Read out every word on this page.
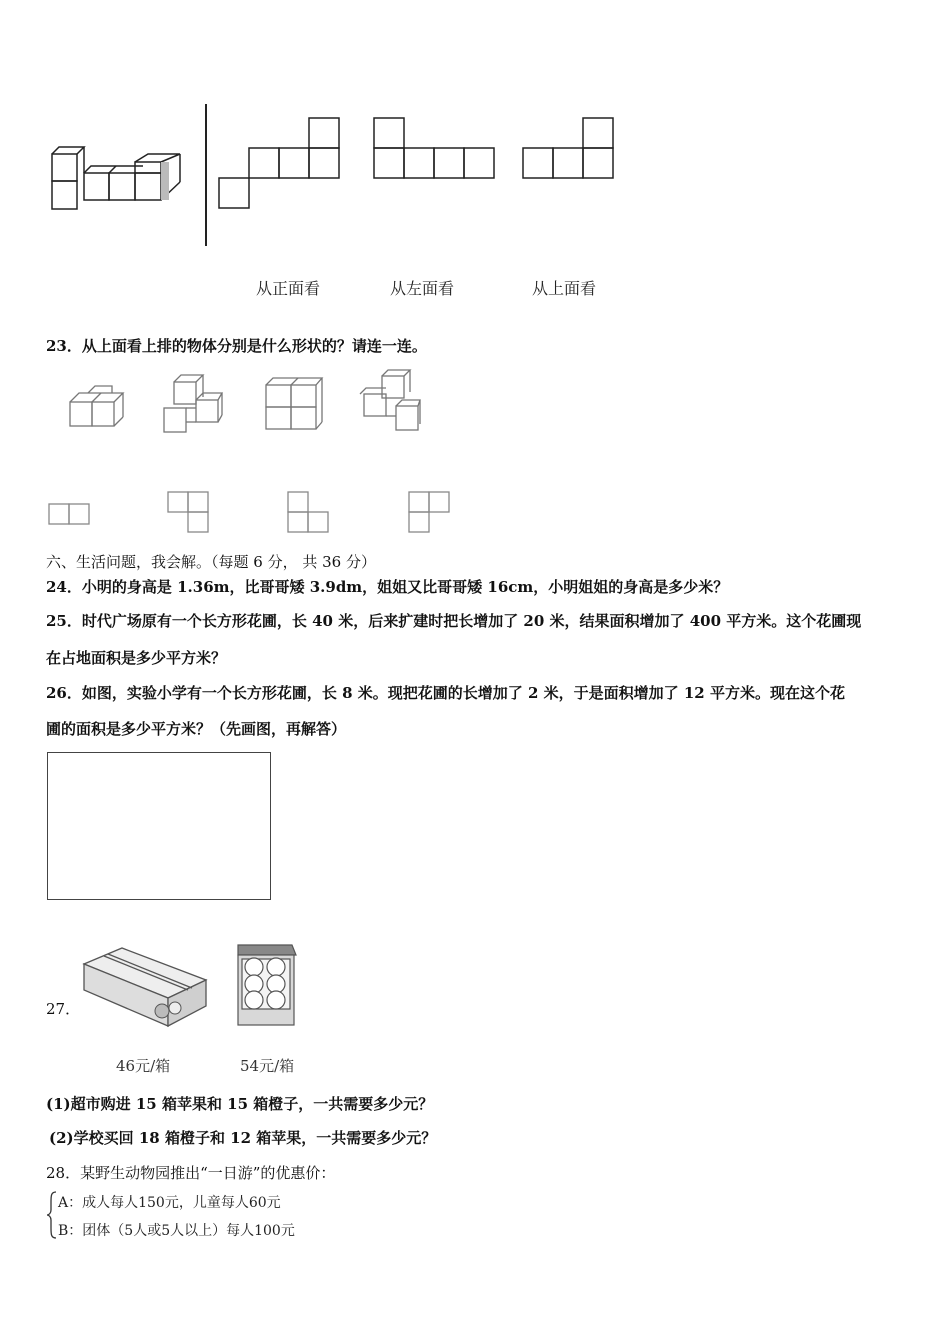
从正面看	从左面看	从上面看
23．从上面看上排的物体分别是什么形状的？请连一连。
六、生活问题，我会解。（每题 6 分， 共 36 分）
24．小明的身高是 1.36m，比哥哥矮 3.9dm，姐姐又比哥哥矮 16cm，小明姐姐的身高是多少米？
25．时代广场原有一个长方形花圃，长 40 米，后来扩建时把长增加了 20 米，结果面积增加了 400 平方米。这个花圃现
在占地面积是多少平方米？
26．如图，实验小学有一个长方形花圃，长 8 米。现把花圃的长增加了 2 米，于是面积增加了 12 平方米。现在这个花
圃的面积是多少平方米？（先画图，再解答）
27．
46元/箱	54元/箱
(1)超市购进 15 箱苹果和 15 箱橙子，一共需要多少元？
(2)学校买回 18 箱橙子和 12 箱苹果，一共需要多少元？
28．某野生动物园推出“一日游”的优惠价：
A：成人每人150元，儿童每人60元
B：团体（5人或5人以上）每人100元
